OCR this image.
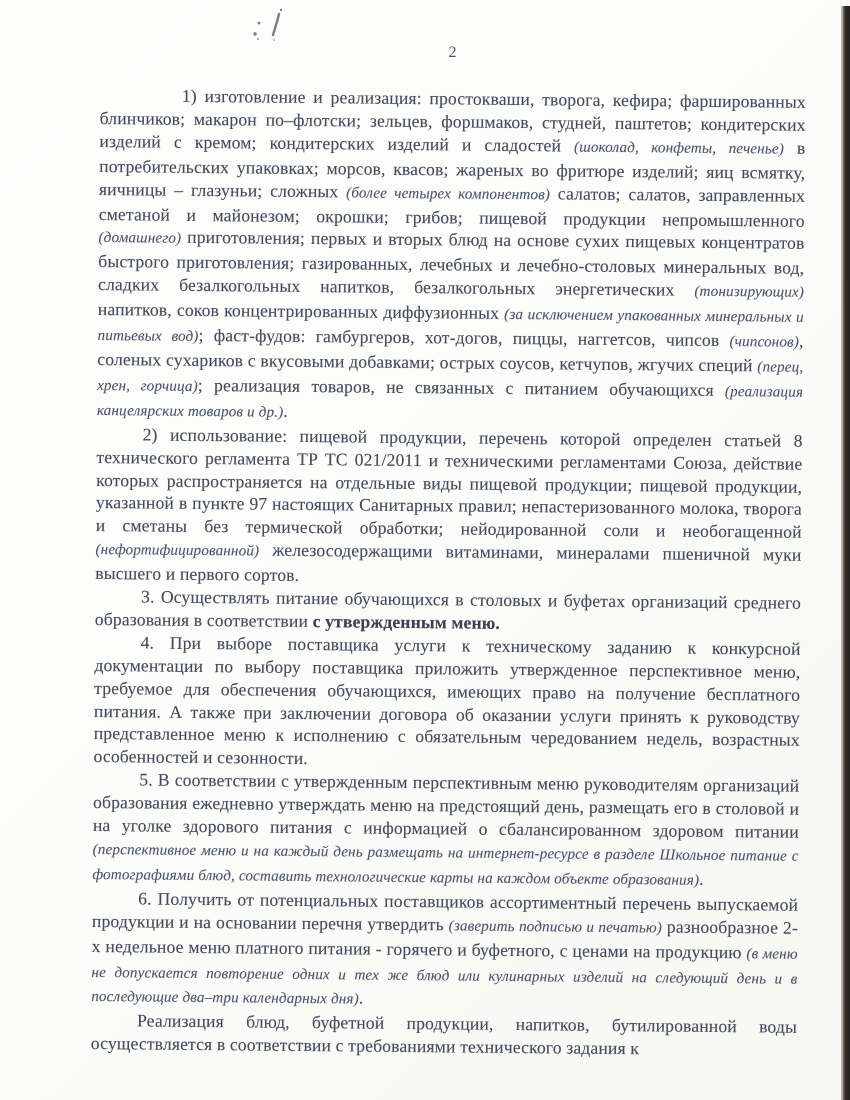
2

1) изготовление и реализация: простокваши, творога, кефира; фаршированных блинчиков; макарон по–флотски; зельцев, форшмаков, студней, паштетов; кондитерских изделий с кремом; кондитерских изделий и сладостей (шоколад, конфеты, печенье) в потребительских упаковках; морсов, квасов; жареных во фритюре изделий; яиц всмятку, яичницы – глазуньи; сложных (более четырех компонентов) салатов; салатов, заправленных сметаной и майонезом; окрошки; грибов; пищевой продукции непромышленного (домашнего) приготовления; первых и вторых блюд на основе сухих пищевых концентратов быстрого приготовления; газированных, лечебных и лечебно-столовых минеральных вод, сладких безалкогольных напитков, безалкогольных энергетических (тонизирующих) напитков, соков концентрированных диффузионных (за исключением упакованных минеральных и питьевых вод); фаст-фудов: гамбургеров, хот-догов, пиццы, наггетсов, чипсов (чипсонов), соленых сухариков с вкусовыми добавками; острых соусов, кетчупов, жгучих специй (перец, хрен, горчица); реализация товаров, не связанных с питанием обучающихся (реализация канцелярских товаров и др.).

2) использование: пищевой продукции, перечень которой определен статьей 8 технического регламента ТР ТС 021/2011 и техническими регламентами Союза, действие которых распространяется на отдельные виды пищевой продукции; пищевой продукции, указанной в пункте 97 настоящих Санитарных правил; непастеризованного молока, творога и сметаны без термической обработки; нейодированной соли и необогащенной (нефортифицированной) железосодержащими витаминами, минералами пшеничной муки высшего и первого сортов.

3. Осуществлять питание обучающихся в столовых и буфетах организаций среднего образования в соответствии с утвержденным меню.

4. При выборе поставщика услуги к техническому заданию к конкурсной документации по выбору поставщика приложить утвержденное перспективное меню, требуемое для обеспечения обучающихся, имеющих право на получение бесплатного питания. А также при заключении договора об оказании услуги принять к руководству представленное меню к исполнению с обязательным чередованием недель, возрастных особенностей и сезонности.

5. В соответствии с утвержденным перспективным меню руководителям организаций образования ежедневно утверждать меню на предстоящий день, размещать его в столовой и на уголке здорового питания с информацией о сбалансированном здоровом питании (перспективное меню и на каждый день размещать на интернет-ресурсе в разделе Школьное питание с фотографиями блюд, составить технологические карты на каждом объекте образования).

6. Получить от потенциальных поставщиков ассортиментный перечень выпускаемой продукции и на основании перечня утвердить (заверить подписью и печатью) разнообразное 2-х недельное меню платного питания - горячего и буфетного, с ценами на продукцию (в меню не допускается повторение одних и тех же блюд или кулинарных изделий на следующий день и в последующие два–три календарных дня).

Реализация блюд, буфетной продукции, напитков, бутилированной воды осуществляется в соответствии с требованиями технического задания к
